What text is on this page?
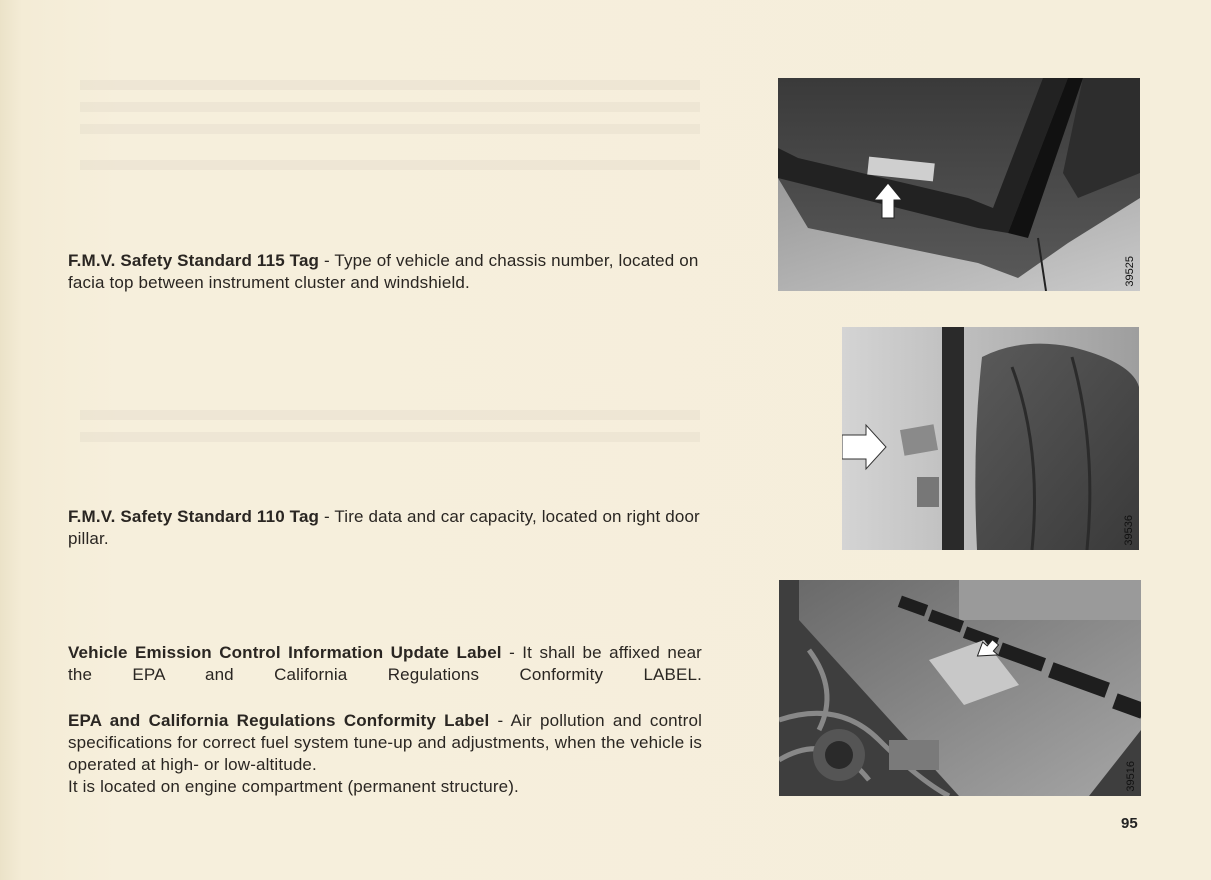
F.M.V. Safety Standard 115 Tag - Type of vehicle and chassis number, located on facia top between instrument cluster and windshield.
F.M.V. Safety Standard 110 Tag - Tire data and car capacity, located on right door pillar.
Vehicle Emission Control Information Update Label - It shall be affixed near the EPA and California Regulations Conformity LABEL.
EPA and California Regulations Conformity Label - Air pollution and control specifications for correct fuel system tune-up and adjustments, when the vehicle is operated at high- or low-altitude.
It is located on engine compartment (permanent structure).
39525
39536
39516
95
